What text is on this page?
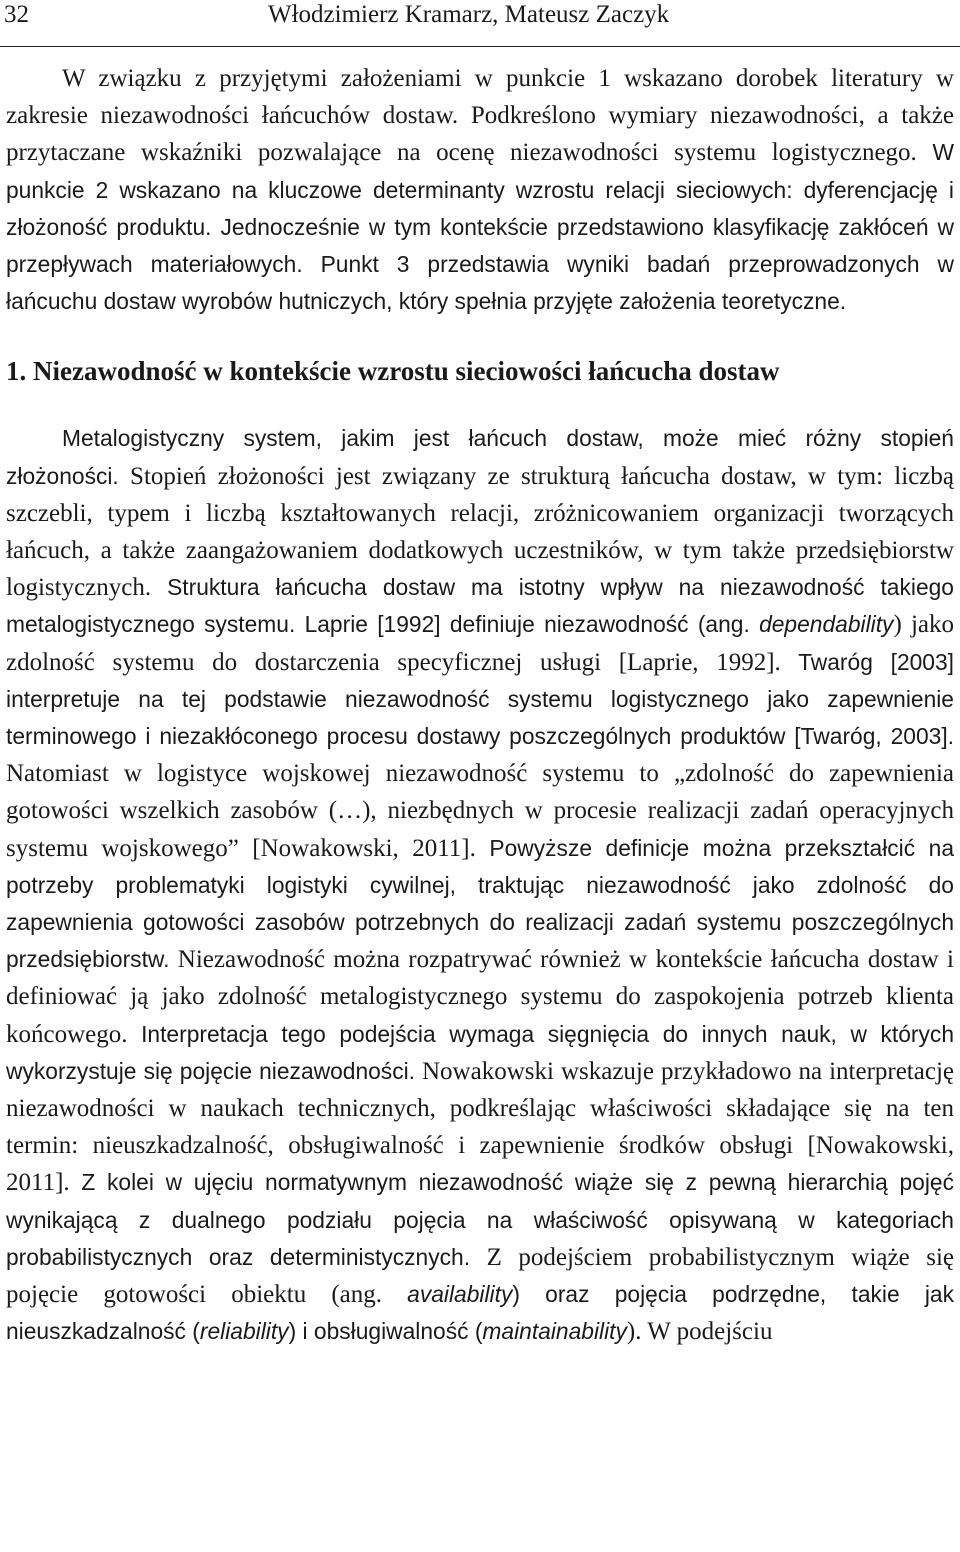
32	Włodzimierz Kramarz, Mateusz Zaczyk

W związku z przyjętymi założeniami w punkcie 1 wskazano dorobek literatury w zakresie niezawodności łańcuchów dostaw. Podkreślono wymiary niezawodności, a także przytaczane wskaźniki pozwalające na ocenę niezawodności systemu logistycznego. W punkcie 2 wskazano na kluczowe determinanty wzrostu relacji sieciowych: dyferencjację i złożoność produktu. Jednocześnie w tym kontekście przedstawiono klasyfikację zakłóceń w przepływach materiałowych. Punkt 3 przedstawia wyniki badań przeprowadzonych w łańcuchu dostaw wyrobów hutniczych, który spełnia przyjęte założenia teoretyczne.

1. Niezawodność w kontekście wzrostu sieciowości łańcucha dostaw

Metalogistyczny system, jakim jest łańcuch dostaw, może mieć różny stopień złożoności. Stopień złożoności jest związany ze strukturą łańcucha dostaw, w tym: liczbą szczebli, typem i liczbą kształtowanych relacji, zróżnicowaniem organizacji tworzących łańcuch, a także zaangażowaniem dodatkowych uczestników, w tym także przedsiębiorstw logistycznych. Struktura łańcucha dostaw ma istotny wpływ na niezawodność takiego metalogistycznego systemu. Laprie [1992] definiuje niezawodność (ang. dependability) jako zdolność systemu do dostarczenia specyficznej usługi [Laprie, 1992]. Twaróg [2003] interpretuje na tej podstawie niezawodność systemu logistycznego jako zapewnienie terminowego i niezakłóconego procesu dostawy poszczególnych produktów [Twaróg, 2003]. Natomiast w logistyce wojskowej niezawodność systemu to „zdolność do zapewnienia gotowości wszelkich zasobów (…), niezbędnych w procesie realizacji zadań operacyjnych systemu wojskowego” [Nowakowski, 2011]. Powyższe definicje można przekształcić na potrzeby problematyki logistyki cywilnej, traktując niezawodność jako zdolność do zapewnienia gotowości zasobów potrzebnych do realizacji zadań systemu poszczególnych przedsiębiorstw. Niezawodność można rozpatrywać również w kontekście łańcucha dostaw i definiować ją jako zdolność metalogistycznego systemu do zaspokojenia potrzeb klienta końcowego. Interpretacja tego podejścia wymaga sięgnięcia do innych nauk, w których wykorzystuje się pojęcie niezawodności. Nowakowski wskazuje przykładowo na interpretację niezawodności w naukach technicznych, podkreślając właściwości składające się na ten termin: nieuszkadzalność, obsługiwalność i zapewnienie środków obsługi [Nowakowski, 2011]. Z kolei w ujęciu normatywnym niezawodność wiąże się z pewną hierarchią pojęć wynikającą z dualnego podziału pojęcia na właściwość opisywaną w kategoriach probabilistycznych oraz deterministycznych. Z podejściem probabilistycznym wiąże się pojęcie gotowości obiektu (ang. availability) oraz pojęcia podrzędne, takie jak nieuszkadzalność (reliability) i obsługiwalność (maintainability). W podejściu
